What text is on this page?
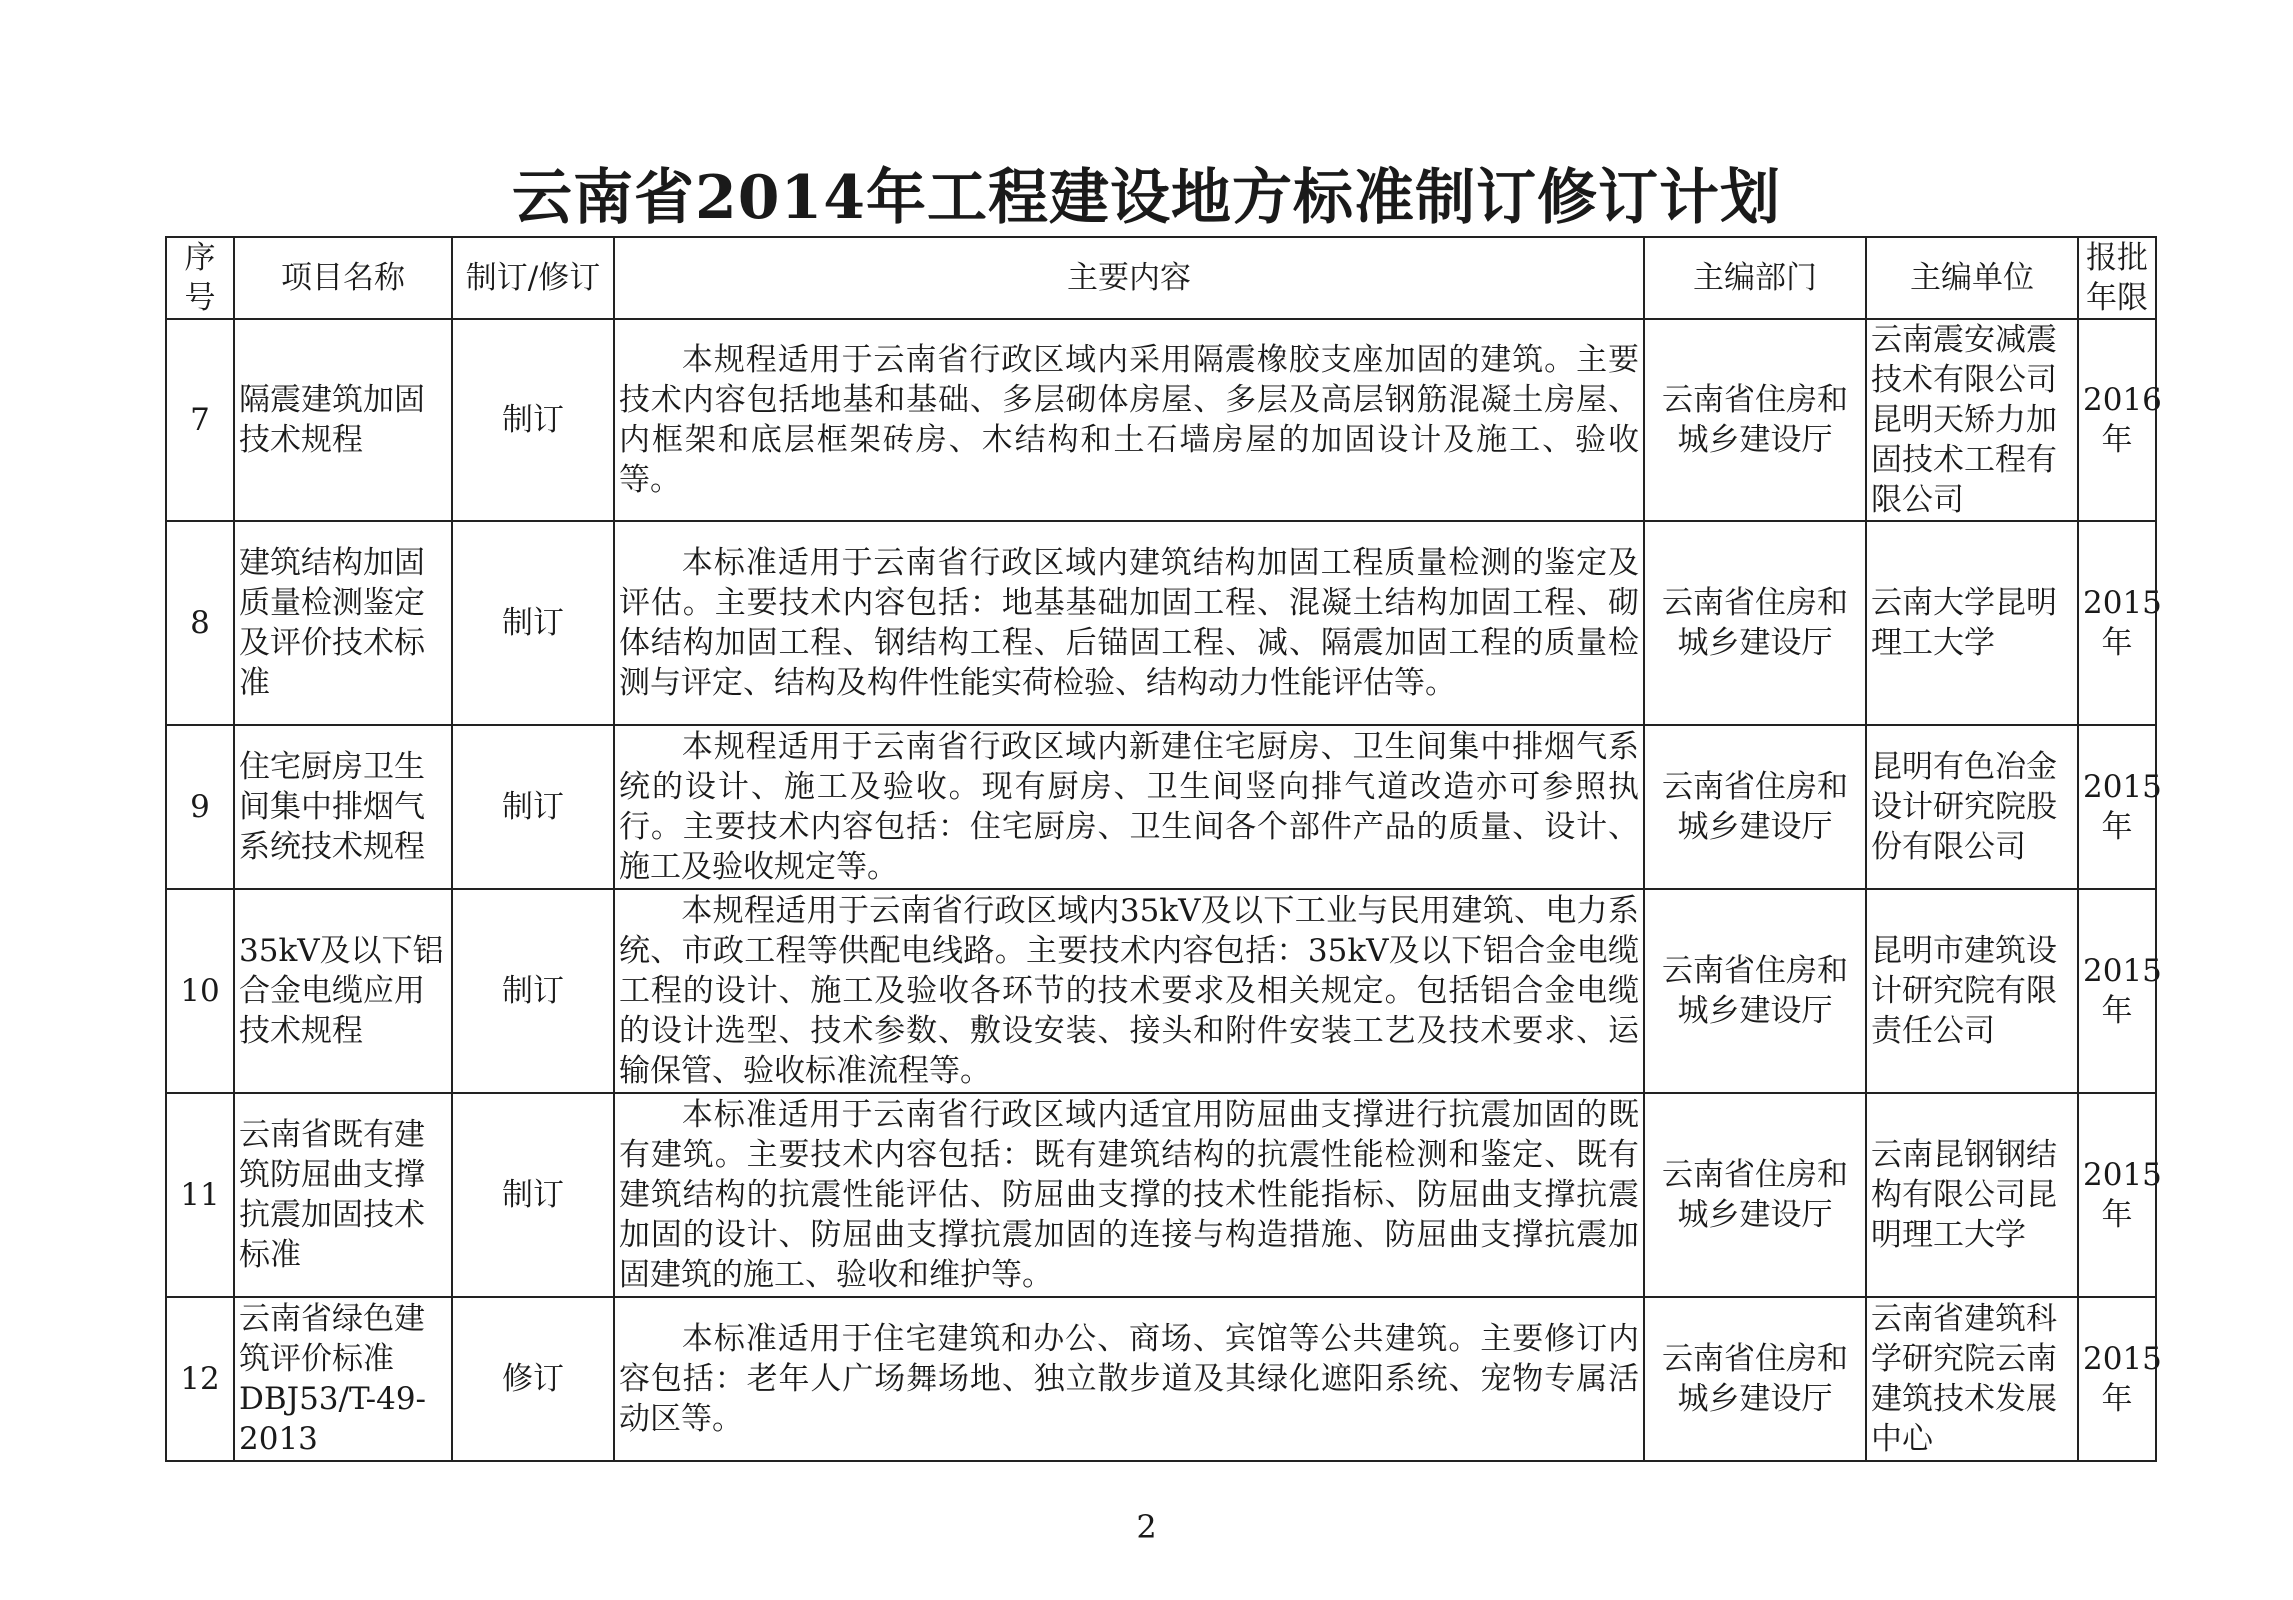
云南省2014年工程建设地方标准制订修订计划
序号	项目名称	制订/修订	主要内容	主编部门	主编单位	报批年限
7	隔震建筑加固技术规程	制订	本规程适用于云南省行政区域内采用隔震橡胶支座加固的建筑。主要技术内容包括地基和基础、多层砌体房屋、多层及高层钢筋混凝土房屋、内框架和底层框架砖房、木结构和土石墙房屋的加固设计及施工、验收等。	云南省住房和城乡建设厅	云南震安减震技术有限公司昆明天矫力加固技术工程有限公司	2016年
8	建筑结构加固质量检测鉴定及评价技术标准	制订	本标准适用于云南省行政区域内建筑结构加固工程质量检测的鉴定及评估。主要技术内容包括：地基基础加固工程、混凝土结构加固工程、砌体结构加固工程、钢结构工程、后锚固工程、减、隔震加固工程的质量检测与评定、结构及构件性能实荷检验、结构动力性能评估等。	云南省住房和城乡建设厅	云南大学昆明理工大学	2015年
9	住宅厨房卫生间集中排烟气系统技术规程	制订	本规程适用于云南省行政区域内新建住宅厨房、卫生间集中排烟气系统的设计、施工及验收。现有厨房、卫生间竖向排气道改造亦可参照执行。主要技术内容包括：住宅厨房、卫生间各个部件产品的质量、设计、施工及验收规定等。	云南省住房和城乡建设厅	昆明有色冶金设计研究院股份有限公司	2015年
10	35kV及以下铝合金电缆应用技术规程	制订	本规程适用于云南省行政区域内35kV及以下工业与民用建筑、电力系统、市政工程等供配电线路。主要技术内容包括：35kV及以下铝合金电缆工程的设计、施工及验收各环节的技术要求及相关规定。包括铝合金电缆的设计选型、技术参数、敷设安装、接头和附件安装工艺及技术要求、运输保管、验收标准流程等。	云南省住房和城乡建设厅	昆明市建筑设计研究院有限责任公司	2015年
11	云南省既有建筑防屈曲支撑抗震加固技术标准	制订	本标准适用于云南省行政区域内适宜用防屈曲支撑进行抗震加固的既有建筑。主要技术内容包括：既有建筑结构的抗震性能检测和鉴定、既有建筑结构的抗震性能评估、防屈曲支撑的技术性能指标、防屈曲支撑抗震加固的设计、防屈曲支撑抗震加固的连接与构造措施、防屈曲支撑抗震加固建筑的施工、验收和维护等。	云南省住房和城乡建设厅	云南昆钢钢结构有限公司昆明理工大学	2015年
12	云南省绿色建筑评价标准DBJ53/T-49-2013	修订	本标准适用于住宅建筑和办公、商场、宾馆等公共建筑。主要修订内容包括：老年人广场舞场地、独立散步道及其绿化遮阳系统、宠物专属活动区等。	云南省住房和城乡建设厅	云南省建筑科学研究院云南建筑技术发展中心	2015年
2
